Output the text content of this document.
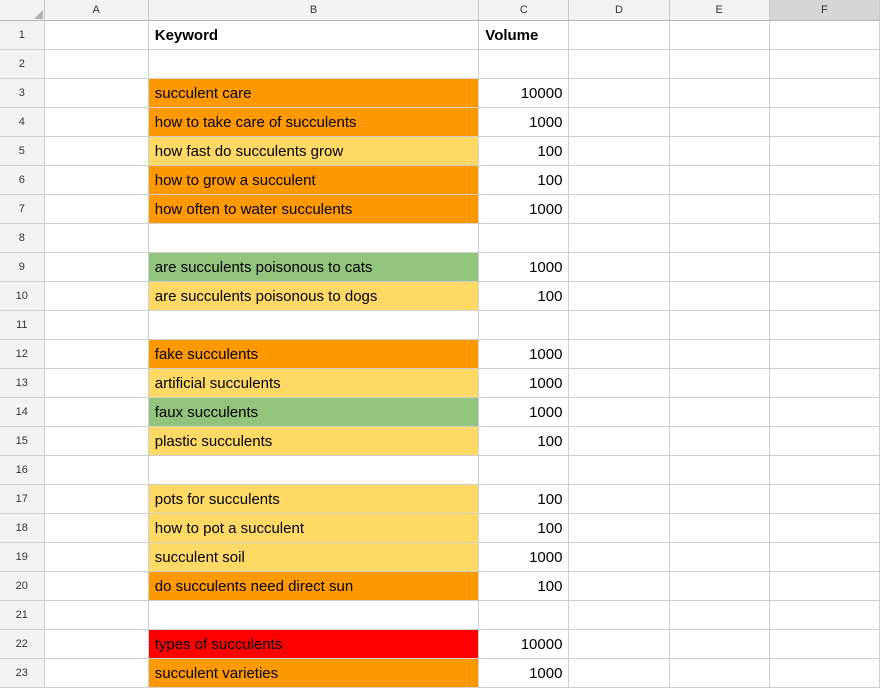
	A	B	C	D	E	F
1		Keyword	Volume			
2						
3		succulent care	10000			
4		how to take care of succulents	1000			
5		how fast do succulents grow	100			
6		how to grow a succulent	100			
7		how often to water succulents	1000			
8						
9		are succulents poisonous to cats	1000			
10		are succulents poisonous to dogs	100			
11						
12		fake succulents	1000			
13		artificial succulents	1000			
14		faux succulents	1000			
15		plastic succulents	100			
16						
17		pots for succulents	100			
18		how to pot a succulent	100			
19		succulent soil	1000			
20		do succulents need direct sun	100			
21						
22		types of succulents	10000			
23		succulent varieties	1000			
